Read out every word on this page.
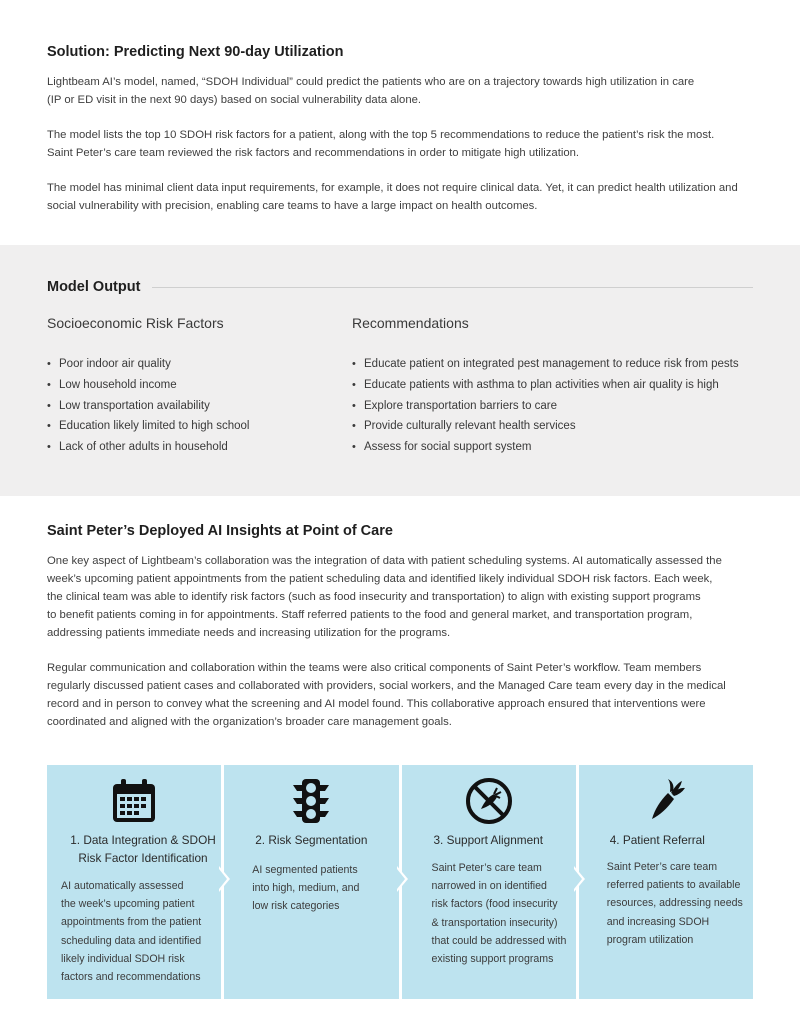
Solution: Predicting Next 90-day Utilization

Lightbeam AI’s model, named, “SDOH Individual” could predict the patients who are on a trajectory towards high utilization in care
(IP or ED visit in the next 90 days) based on social vulnerability data alone.

The model lists the top 10 SDOH risk factors for a patient, along with the top 5 recommendations to reduce the patient’s risk the most.
Saint Peter’s care team reviewed the risk factors and recommendations in order to mitigate high utilization.

The model has minimal client data input requirements, for example, it does not require clinical data. Yet, it can predict health utilization and
social vulnerability with precision, enabling care teams to have a large impact on health outcomes.

Model Output
Socioeconomic Risk Factors
• Poor indoor air quality
• Low household income
• Low transportation availability
• Education likely limited to high school
• Lack of other adults in household
Recommendations
• Educate patient on integrated pest management to reduce risk from pests
• Educate patients with asthma to plan activities when air quality is high
• Explore transportation barriers to care
• Provide culturally relevant health services
• Assess for social support system
Saint Peter’s Deployed AI Insights at Point of Care

One key aspect of Lightbeam’s collaboration was the integration of data with patient scheduling systems. AI automatically assessed the
week’s upcoming patient appointments from the patient scheduling data and identified likely individual SDOH risk factors. Each week,
the clinical team was able to identify risk factors (such as food insecurity and transportation) to align with existing support programs
to benefit patients coming in for appointments. Staff referred patients to the food and general market, and transportation program,
addressing patients immediate needs and increasing utilization for the programs.

Regular communication and collaboration within the teams were also critical components of Saint Peter’s workflow. Team members
regularly discussed patient cases and collaborated with providers, social workers, and the Managed Care team every day in the medical
record and in person to convey what the screening and AI model found. This collaborative approach ensured that interventions were
coordinated and aligned with the organization’s broader care management goals.

1. Data Integration & SDOH
Risk Factor Identification
AI automatically assessed
the week’s upcoming patient
appointments from the patient
scheduling data and identified
likely individual SDOH risk
factors and recommendations
2. Risk Segmentation
AI segmented patients
into high, medium, and
low risk categories
3. Support Alignment
Saint Peter’s care team
narrowed in on identified
risk factors (food insecurity
& transportation insecurity)
that could be addressed with
existing support programs
4. Patient Referral
Saint Peter’s care team
referred patients to available
resources, addressing needs
and increasing SDOH
program utilization
